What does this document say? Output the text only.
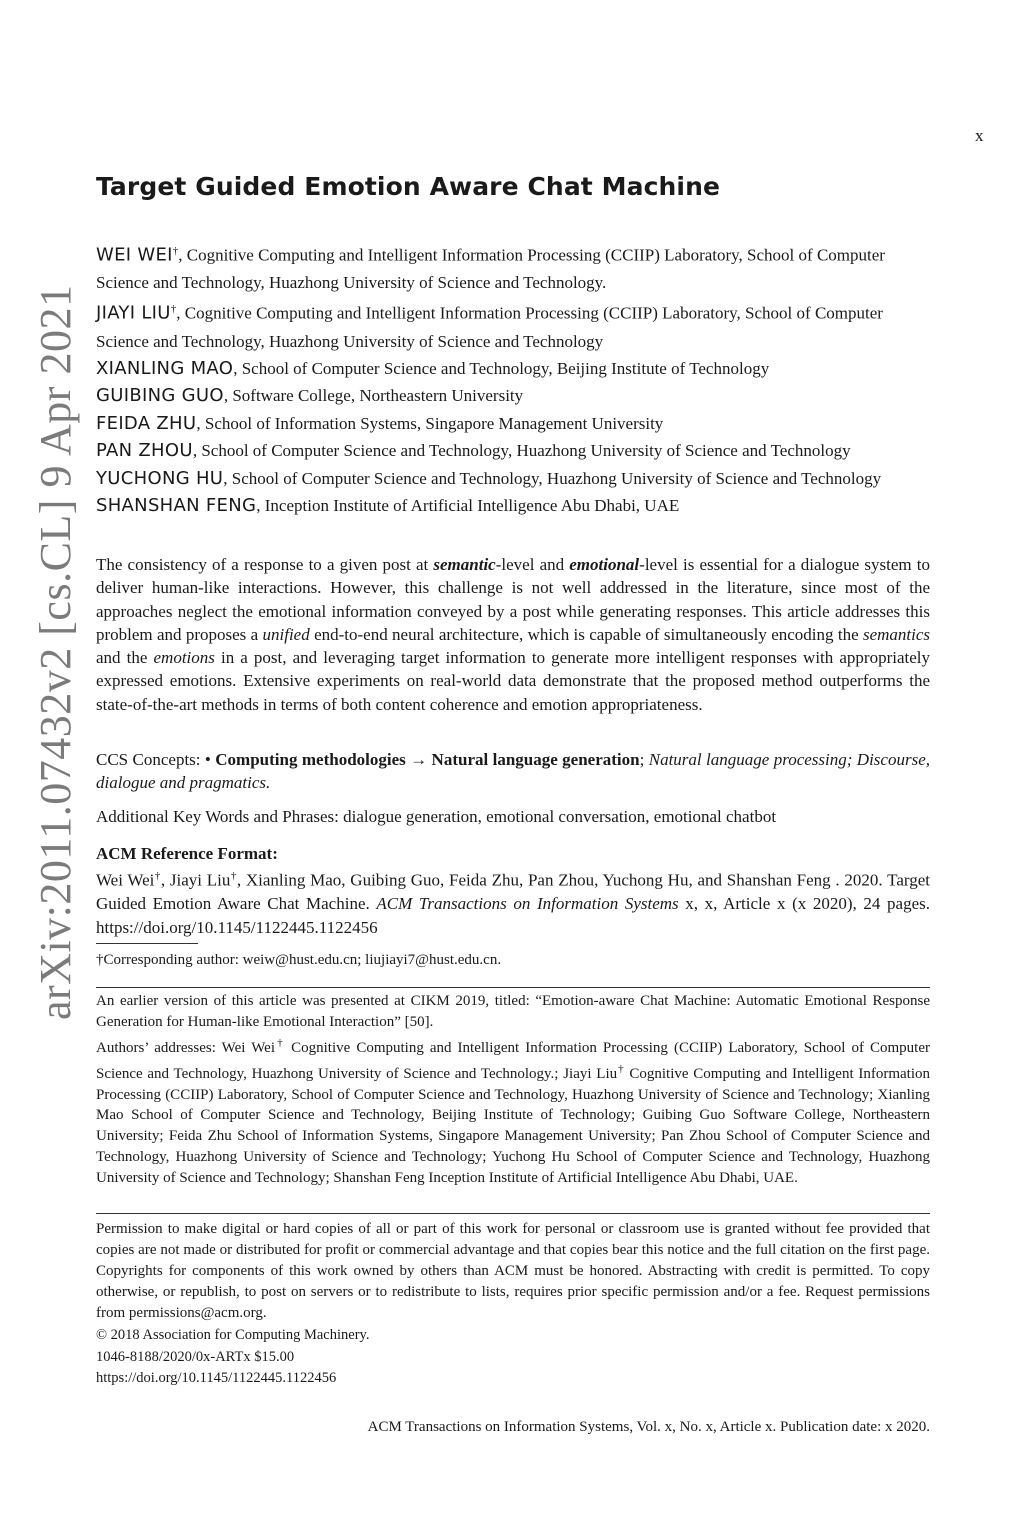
x
arXiv:2011.07432v2 [cs.CL] 9 Apr 2021
Target Guided Emotion Aware Chat Machine

WEI WEI†, Cognitive Computing and Intelligent Information Processing (CCIIP) Laboratory, School of Computer Science and Technology, Huazhong University of Science and Technology.

JIAYI LIU†, Cognitive Computing and Intelligent Information Processing (CCIIP) Laboratory, School of Computer Science and Technology, Huazhong University of Science and Technology

XIANLING MAO, School of Computer Science and Technology, Beijing Institute of Technology

GUIBING GUO, Software College, Northeastern University

FEIDA ZHU, School of Information Systems, Singapore Management University

PAN ZHOU, School of Computer Science and Technology, Huazhong University of Science and Technology

YUCHONG HU, School of Computer Science and Technology, Huazhong University of Science and Technology

SHANSHAN FENG, Inception Institute of Artificial Intelligence Abu Dhabi, UAE

The consistency of a response to a given post at semantic-level and emotional-level is essential for a dialogue system to deliver human-like interactions. However, this challenge is not well addressed in the literature, since most of the approaches neglect the emotional information conveyed by a post while generating responses. This article addresses this problem and proposes a unified end-to-end neural architecture, which is capable of simultaneously encoding the semantics and the emotions in a post, and leveraging target information to generate more intelligent responses with appropriately expressed emotions. Extensive experiments on real-world data demonstrate that the proposed method outperforms the state-of-the-art methods in terms of both content coherence and emotion appropriateness.

CCS Concepts: • Computing methodologies → Natural language generation; Natural language processing; Discourse, dialogue and pragmatics.
Additional Key Words and Phrases: dialogue generation, emotional conversation, emotional chatbot
ACM Reference Format:
Wei Wei†, Jiayi Liu†, Xianling Mao, Guibing Guo, Feida Zhu, Pan Zhou, Yuchong Hu, and Shanshan Feng . 2020. Target Guided Emotion Aware Chat Machine. ACM Transactions on Information Systems x, x, Article x (x 2020), 24 pages. https://doi.org/10.1145/1122445.1122456
†Corresponding author: weiw@hust.edu.cn; liujiayi7@hust.edu.cn.
An earlier version of this article was presented at CIKM 2019, titled: “Emotion-aware Chat Machine: Automatic Emotional Response Generation for Human-like Emotional Interaction” [50].
Authors’ addresses: Wei Wei† Cognitive Computing and Intelligent Information Processing (CCIIP) Laboratory, School of Computer Science and Technology, Huazhong University of Science and Technology.; Jiayi Liu† Cognitive Computing and Intelligent Information Processing (CCIIP) Laboratory, School of Computer Science and Technology, Huazhong University of Science and Technology; Xianling Mao School of Computer Science and Technology, Beijing Institute of Technology; Guibing Guo Software College, Northeastern University; Feida Zhu School of Information Systems, Singapore Management University; Pan Zhou School of Computer Science and Technology, Huazhong University of Science and Technology; Yuchong Hu School of Computer Science and Technology, Huazhong University of Science and Technology; Shanshan Feng Inception Institute of Artificial Intelligence Abu Dhabi, UAE.
Permission to make digital or hard copies of all or part of this work for personal or classroom use is granted without fee provided that copies are not made or distributed for profit or commercial advantage and that copies bear this notice and the full citation on the first page. Copyrights for components of this work owned by others than ACM must be honored. Abstracting with credit is permitted. To copy otherwise, or republish, to post on servers or to redistribute to lists, requires prior specific permission and/or a fee. Request permissions from permissions@acm.org.
© 2018 Association for Computing Machinery.
1046-8188/2020/0x-ARTx $15.00
https://doi.org/10.1145/1122445.1122456
ACM Transactions on Information Systems, Vol. x, No. x, Article x. Publication date: x 2020.
